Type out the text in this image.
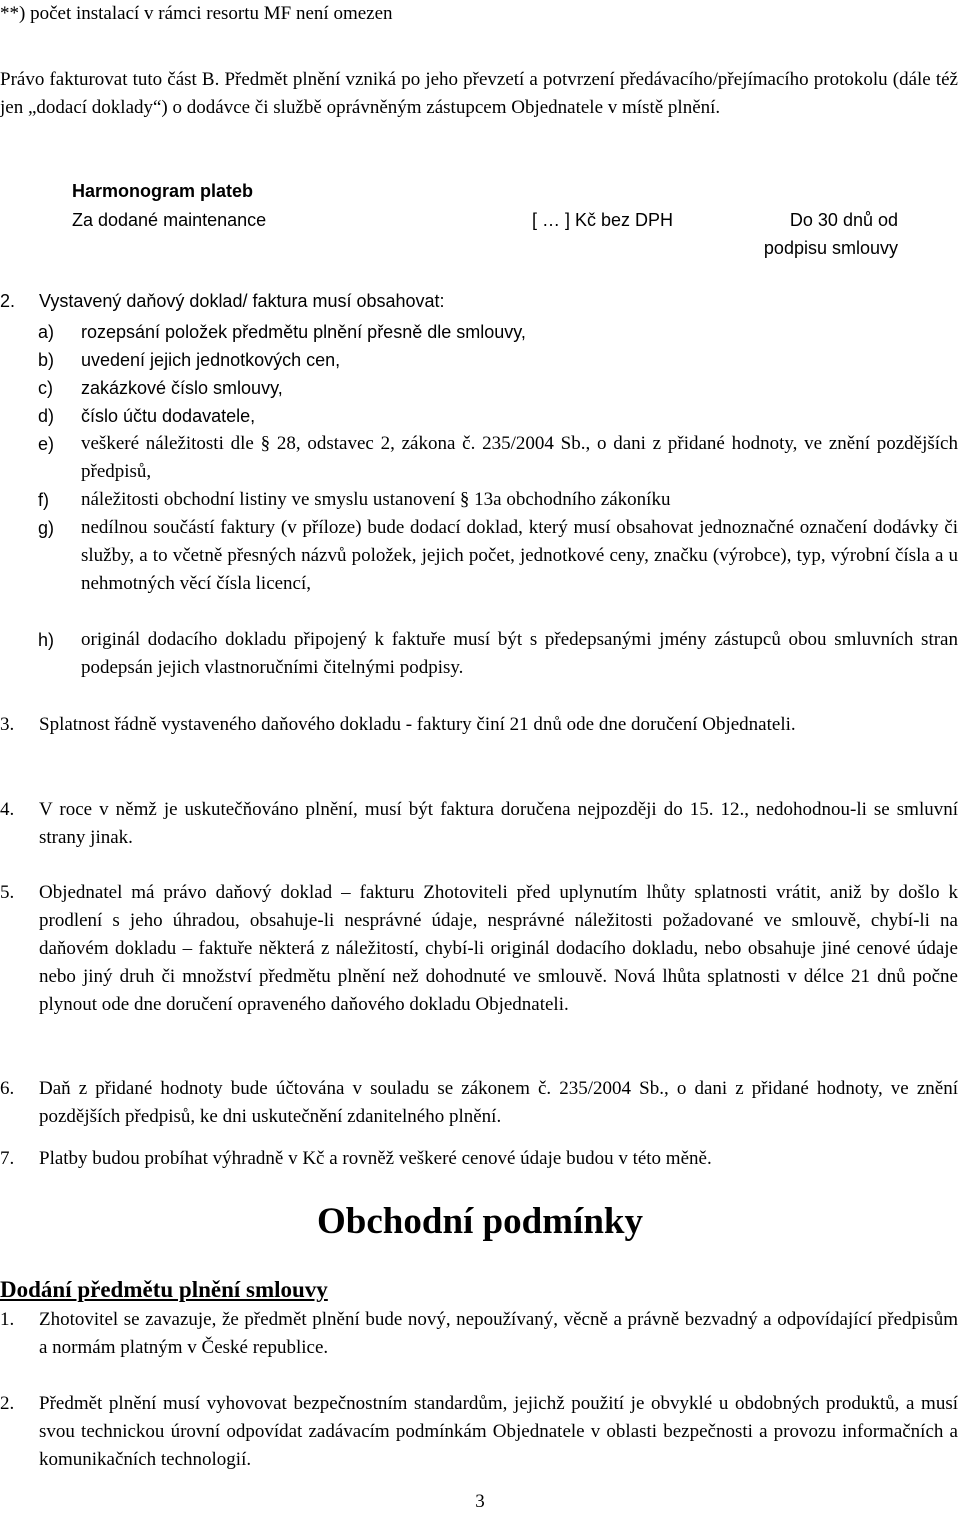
**) počet instalací v rámci resortu MF není omezen
Právo fakturovat tuto část B. Předmět plnění vzniká po jeho převzetí a potvrzení předávacího/přejímacího protokolu (dále též jen „dodací doklady“) o dodávce či službě oprávněným zástupcem Objednatele v místě plnění.
Harmonogram plateb
Za dodané maintenance	[ … ] Kč bez DPH	Do 30 dnů od
podpisu smlouvy
2.	Vystavený daňový doklad/ faktura musí obsahovat:
a)	rozepsání položek předmětu plnění přesně dle smlouvy,
b)	uvedení jejich jednotkových cen,
c)	zakázkové číslo smlouvy,
d)	číslo účtu dodavatele,
e)	veškeré náležitosti dle § 28, odstavec 2, zákona č. 235/2004 Sb., o dani z přidané hodnoty, ve znění pozdějších předpisů,
f)	náležitosti obchodní listiny ve smyslu ustanovení § 13a obchodního zákoníku
g)	nedílnou součástí faktury (v příloze) bude dodací doklad, který musí obsahovat jednoznačné označení dodávky či služby, a to včetně přesných názvů položek, jejich počet, jednotkové ceny, značku (výrobce), typ, výrobní čísla a u nehmotných věcí čísla licencí,
h)	originál dodacího dokladu připojený k faktuře musí být s předepsanými jmény zástupců obou smluvních stran podepsán jejich vlastnoručními čitelnými podpisy.
3.	Splatnost řádně vystaveného daňového dokladu - faktury činí 21 dnů ode dne doručení Objednateli.
4.	V roce v němž je uskutečňováno plnění, musí být faktura doručena nejpozději do 15. 12., nedohodnou-li se smluvní strany jinak.
5.	Objednatel má právo daňový doklad – fakturu Zhotoviteli před uplynutím lhůty splatnosti vrátit, aniž by došlo k prodlení s jeho úhradou, obsahuje-li nesprávné údaje, nesprávné náležitosti požadované ve smlouvě, chybí-li na daňovém dokladu – faktuře některá z náležitostí, chybí-li originál dodacího dokladu, nebo obsahuje jiné cenové údaje nebo jiný druh či množství předmětu plnění než dohodnuté ve smlouvě. Nová lhůta splatnosti v délce 21 dnů počne plynout ode dne doručení opraveného daňového dokladu Objednateli.
6.	Daň z přidané hodnoty bude účtována v souladu se zákonem č. 235/2004 Sb., o dani z přidané hodnoty, ve znění pozdějších předpisů, ke dni uskutečnění zdanitelného plnění.
7.	Platby budou probíhat výhradně v Kč a rovněž veškeré cenové údaje budou v této měně.
Obchodní podmínky
Dodání předmětu plnění smlouvy
1.	Zhotovitel se zavazuje, že předmět plnění bude nový, nepoužívaný, věcně a právně bezvadný a odpovídající předpisům a normám platným v České republice.
2.	Předmět plnění musí vyhovovat bezpečnostním standardům, jejichž použití je obvyklé u obdobných produktů, a musí svou technickou úrovní odpovídat zadávacím podmínkám Objednatele v oblasti bezpečnosti a provozu informačních a komunikačních technologií.
3
